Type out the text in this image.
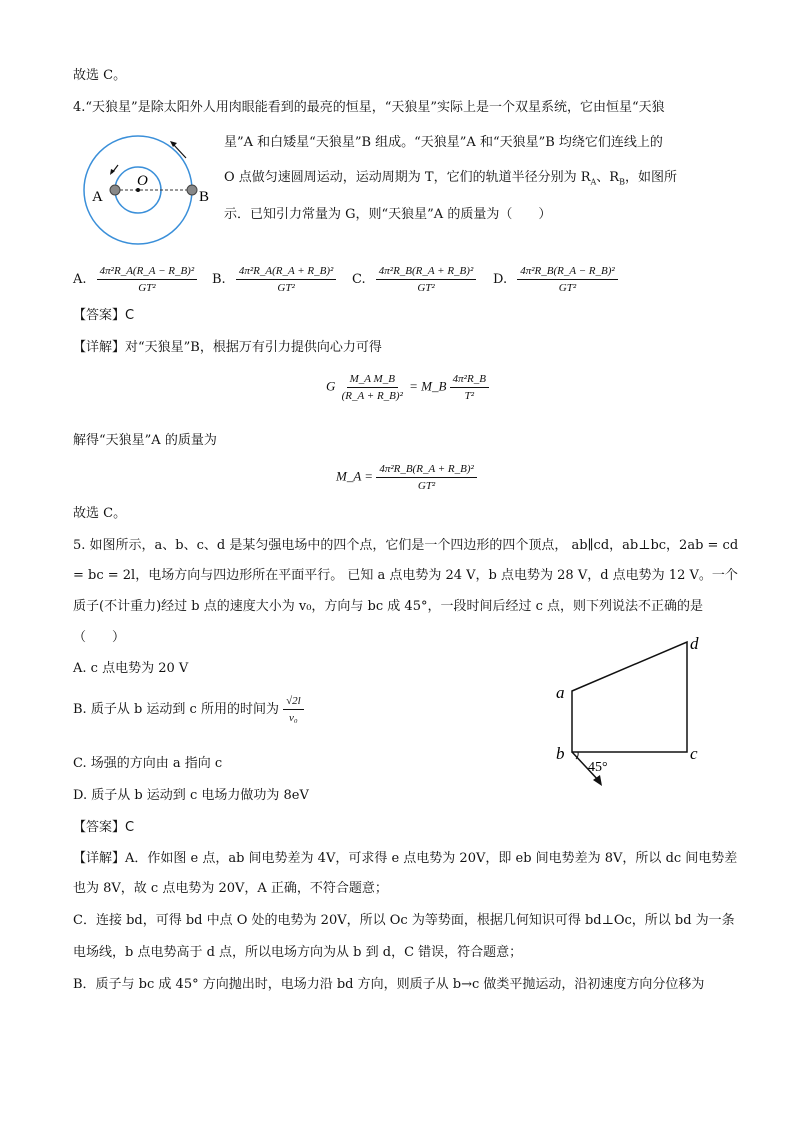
故选 C。
4.“天狼星”是除太阳外人用肉眼能看到的最亮的恒星，“天狼星”实际上是一个双星系统，它由恒星“天狼
星”A 和白矮星“天狼星”B 组成。“天狼星”A 和“天狼星”B 均绕它们连线上的
O 点做匀速圆周运动，运动周期为 T，它们的轨道半径分别为 $R_A$、$R_B$，如图所
示．已知引力常量为 G，则“天狼星”A 的质量为（　　）
A	B
O
A. $\frac{\text{4π²R\_A(R\_A − R\_B)²}}{\text{GT²}} B$. $\frac{\text{4π²R\_A(R\_A + R\_B)²}}{\text{GT²}} C$. $\frac{\text{4π²R\_B(R\_A + R\_B)²}}{\text{GT²}} D$. $\frac{\text{4π²R\_B(R\_A − R\_B)²}}{\text{GT²}}$
【答案】C
【详解】对“天狼星”B，根据万有引力提供向心力可得
G $\frac{\text{M\_A M\_B}}{\text{(R\_A + R\_B)²}}$ = M_B $\frac{\text{4π²R\_B}}{\text{T²}}$
解得“天狼星”A 的质量为
M_A = $\frac{\text{4π²R\_B(R\_A + R\_B)²}}{\text{GT²}}$
故选 C。
5. 如图所示，a、b、c、d 是某匀强电场中的四个点，它们是一个四边形的四个顶点， ab∥cd，ab⊥bc，2ab = cd
= bc = 2l，电场方向与四边形所在平面平行。 已知 a 点电势为 24 V，b 点电势为 28 V，d 点电势为 12 V。一个
质子(不计重力)经过 b 点的速度大小为 v₀，方向与 bc 成 45°，一段时间后经过 c 点，则下列说法不正确的是
（　　）
A. c 点电势为 20 V
B. 质子从 b 运动到 c 所用的时间为 $\frac{√2l}{\text{v₀}}$
C. 场强的方向由 a 指向 c
D. 质子从 b 运动到 c 电场力做功为 8eV
a
b	c
d
45°
【答案】C
【详解】A．作如图 e 点，ab 间电势差为 4V，可求得 e 点电势为 20V，即 eb 间电势差为 8V，所以 dc 间电势差
也为 8V，故 c 点电势为 20V，A 正确，不符合题意；
C．连接 bd，可得 bd 中点 O 处的电势为 20V，所以 Oc 为等势面，根据几何知识可得 bd⊥Oc，所以 bd 为一条
电场线，b 点电势高于 d 点，所以电场方向为从 b 到 d，C 错误，符合题意；
B．质子与 bc 成 45° 方向抛出时，电场力沿 bd 方向，则质子从 b→c 做类平抛运动，沿初速度方向分位移为
